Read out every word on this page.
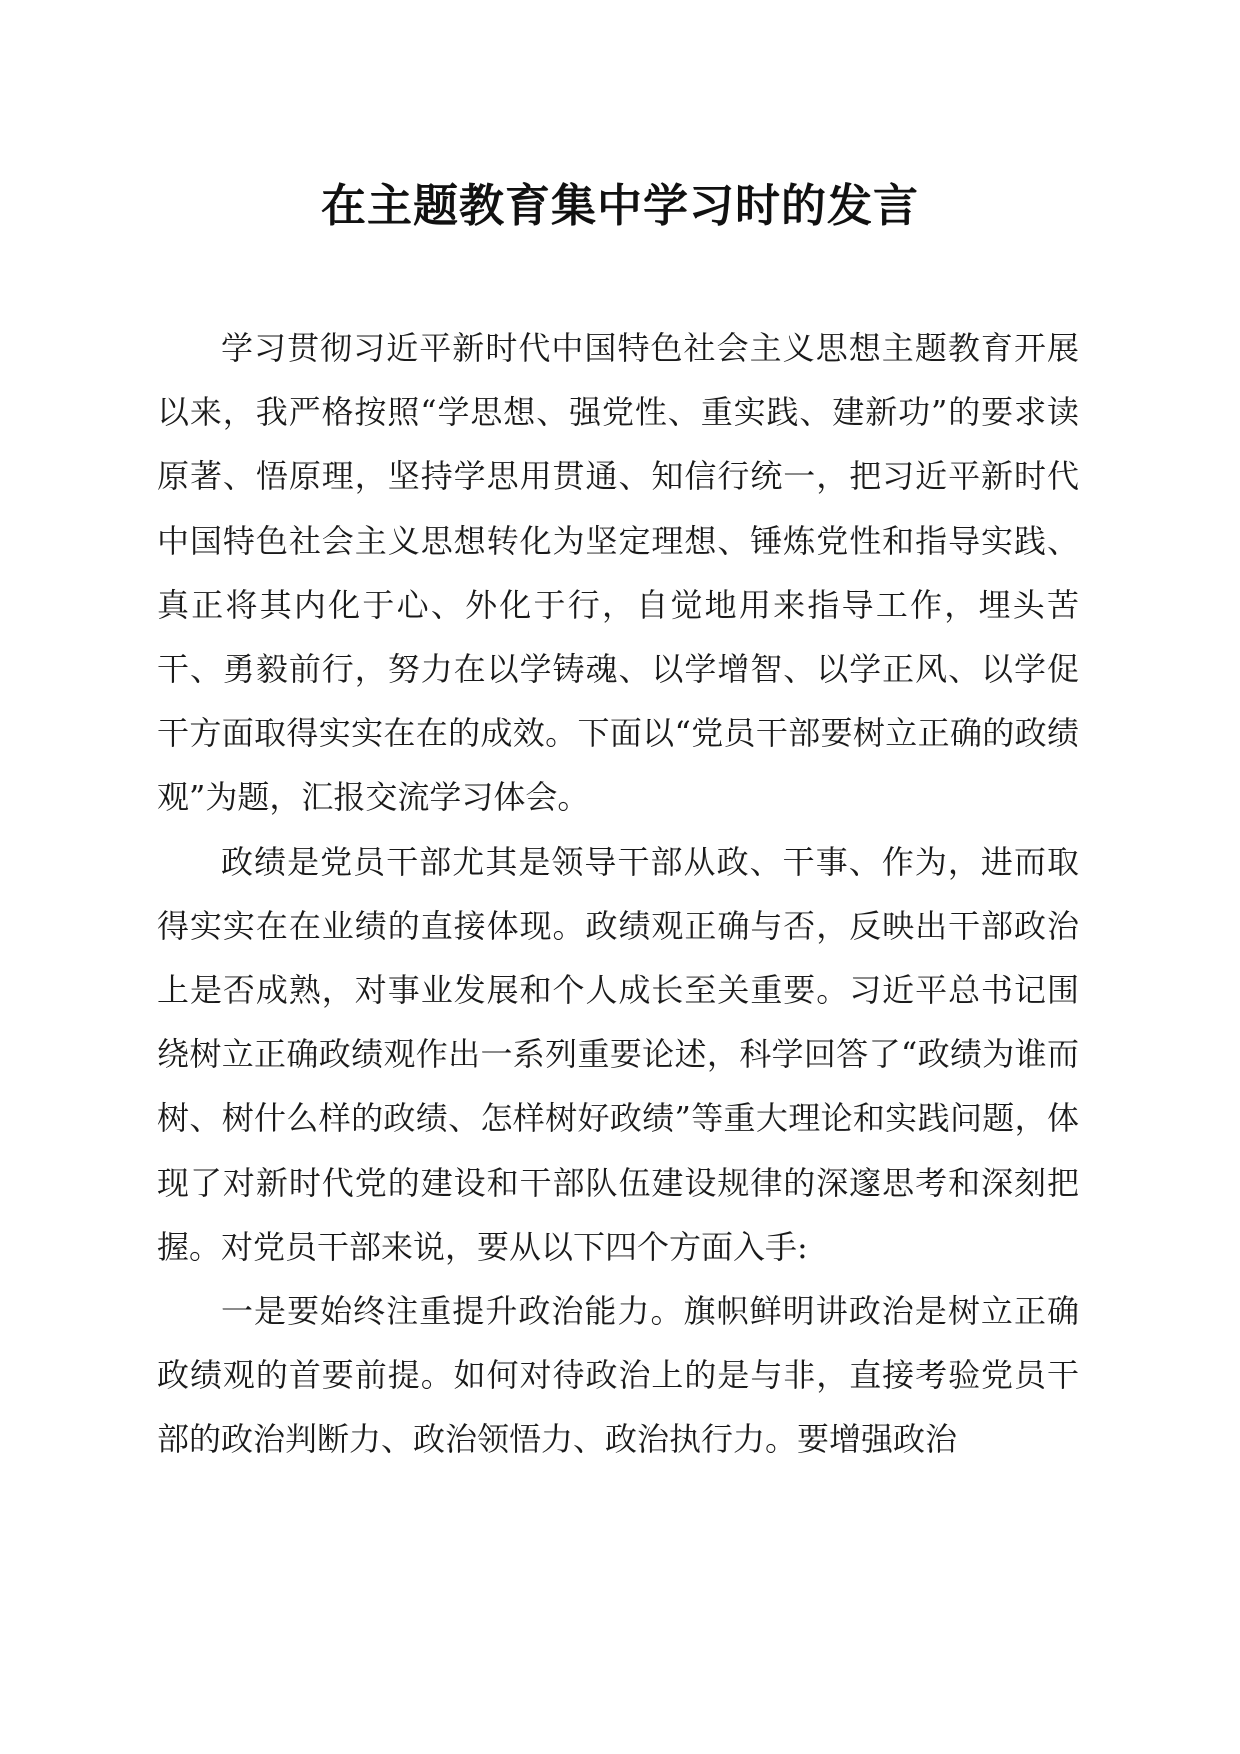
在主题教育集中学习时的发言

学习贯彻习近平新时代中国特色社会主义思想主题教育开展以来，我严格按照“学思想、强党性、重实践、建新功”的要求读原著、悟原理，坚持学思用贯通、知信行统一，把习近平新时代中国特色社会主义思想转化为坚定理想、锤炼党性和指导实践、真正将其内化于心、外化于行，自觉地用来指导工作，埋头苦干、勇毅前行，努力在以学铸魂、以学增智、以学正风、以学促干方面取得实实在在的成效。下面以“党员干部要树立正确的政绩观”为题，汇报交流学习体会。

政绩是党员干部尤其是领导干部从政、干事、作为，进而取得实实在在业绩的直接体现。政绩观正确与否，反映出干部政治上是否成熟，对事业发展和个人成长至关重要。习近平总书记围绕树立正确政绩观作出一系列重要论述，科学回答了“政绩为谁而树、树什么样的政绩、怎样树好政绩”等重大理论和实践问题，体现了对新时代党的建设和干部队伍建设规律的深邃思考和深刻把握。对党员干部来说，要从以下四个方面入手:

一是要始终注重提升政治能力。旗帜鲜明讲政治是树立正确政绩观的首要前提。如何对待政治上的是与非，直接考验党员干部的政治判断力、政治领悟力、政治执行力。要增强政治
